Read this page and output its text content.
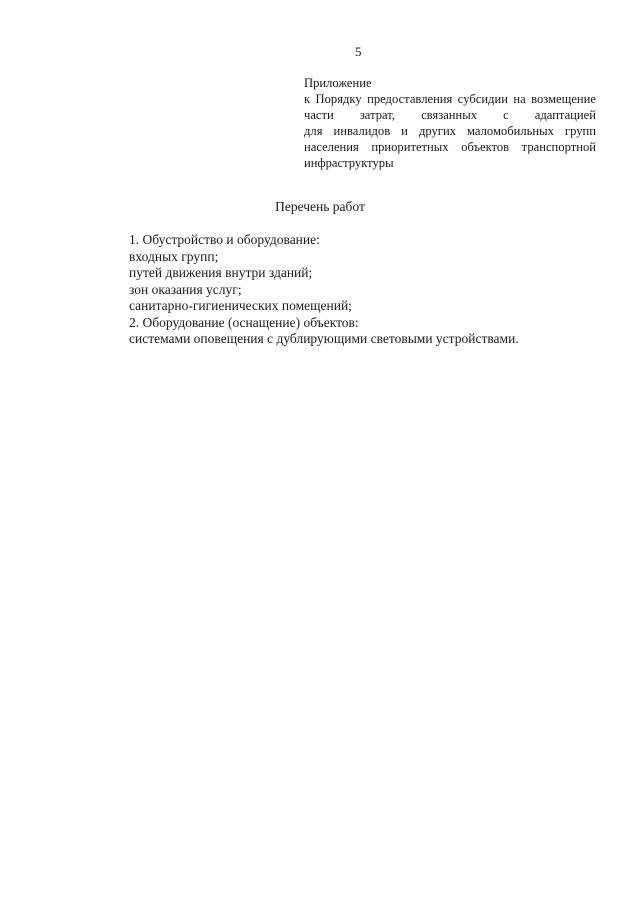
5
Приложение
к Порядку предоставления субсидии на возмещение
части затрат, связанных с адаптацией
для инвалидов и других маломобильных групп
населения приоритетных объектов транспортной
инфраструктуры
Перечень работ
1. Обустройство и оборудование:
входных групп;
путей движения внутри зданий;
зон оказания услуг;
санитарно-гигиенических помещений;
2. Оборудование (оснащение) объектов:
системами оповещения с дублирующими световыми устройствами.
